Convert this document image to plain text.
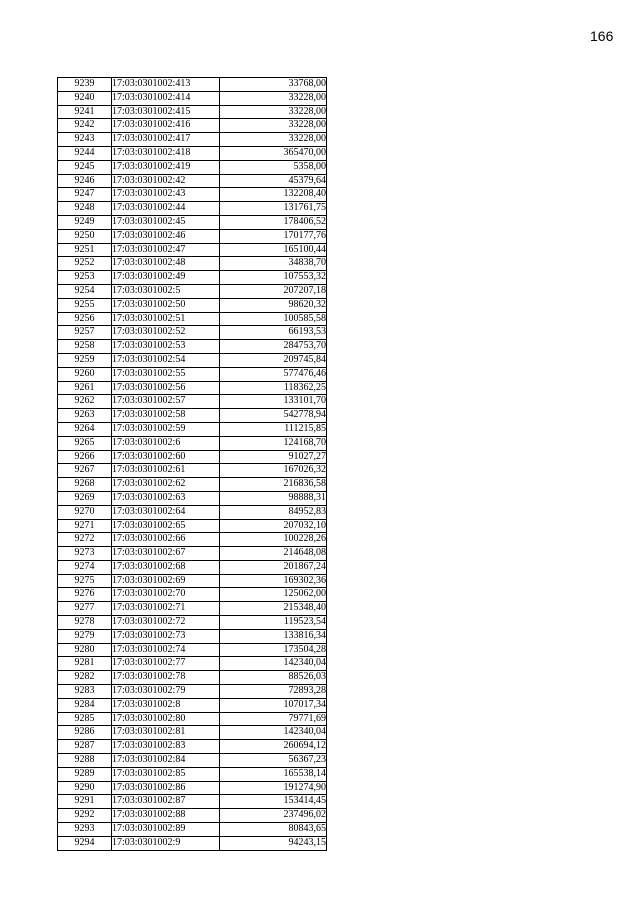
166
9239	17:03:0301002:413	33768,00
9240	17:03:0301002:414	33228,00
9241	17:03:0301002:415	33228,00
9242	17:03:0301002:416	33228,00
9243	17:03:0301002:417	33228,00
9244	17:03:0301002:418	365470,00
9245	17:03:0301002:419	5358,00
9246	17:03:0301002:42	45379,64
9247	17:03:0301002:43	132208,40
9248	17:03:0301002:44	131761,75
9249	17:03:0301002:45	178406,52
9250	17:03:0301002:46	170177,76
9251	17:03:0301002:47	165100,44
9252	17:03:0301002:48	34838,70
9253	17:03:0301002:49	107553,32
9254	17:03:0301002:5	207207,18
9255	17:03:0301002:50	98620,32
9256	17:03:0301002:51	100585,58
9257	17:03:0301002:52	66193,53
9258	17:03:0301002:53	284753,70
9259	17:03:0301002:54	209745,84
9260	17:03:0301002:55	577476,46
9261	17:03:0301002:56	118362,25
9262	17:03:0301002:57	133101,70
9263	17:03:0301002:58	542778,94
9264	17:03:0301002:59	111215,85
9265	17:03:0301002:6	124168,70
9266	17:03:0301002:60	91027,27
9267	17:03:0301002:61	167026,32
9268	17:03:0301002:62	216836,58
9269	17:03:0301002:63	98888,31
9270	17:03:0301002:64	84952,83
9271	17:03:0301002:65	207032,10
9272	17:03:0301002:66	100228,26
9273	17:03:0301002:67	214648,08
9274	17:03:0301002:68	201867,24
9275	17:03:0301002:69	169302,36
9276	17:03:0301002:70	125062,00
9277	17:03:0301002:71	215348,40
9278	17:03:0301002:72	119523,54
9279	17:03:0301002:73	133816,34
9280	17:03:0301002:74	173504,28
9281	17:03:0301002:77	142340,04
9282	17:03:0301002:78	88526,03
9283	17:03:0301002:79	72893,28
9284	17:03:0301002:8	107017,34
9285	17:03:0301002:80	79771,69
9286	17:03:0301002:81	142340,04
9287	17:03:0301002:83	260694,12
9288	17:03:0301002:84	56367,23
9289	17:03:0301002:85	165538,14
9290	17:03:0301002:86	191274,90
9291	17:03:0301002:87	153414,45
9292	17:03:0301002:88	237496,02
9293	17:03:0301002:89	80843,65
9294	17:03:0301002:9	94243,15
